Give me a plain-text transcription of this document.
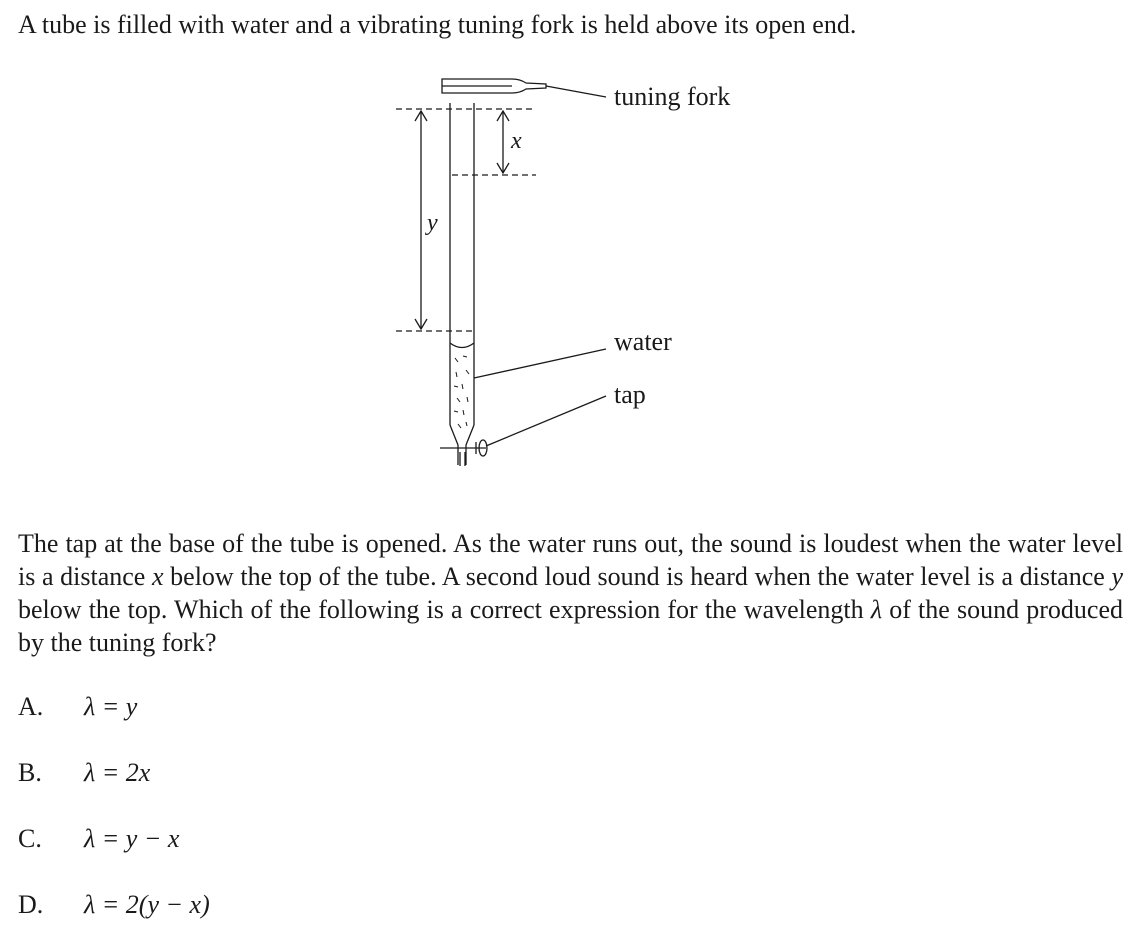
A tube is filled with water and a vibrating tuning fork is held above its open end.
tuning fork
water
tap
x
y

The tap at the base of the tube is opened. As the water runs out, the sound is loudest when the water level is a distance x below the top of the tube. A second loud sound is heard when the water level is a distance y below the top. Which of the following is a correct expression for the wavelength λ of the sound produced by the tuning fork?

A. λ = y
B. λ = 2x
C. λ = y − x
D. λ = 2(y − x)
